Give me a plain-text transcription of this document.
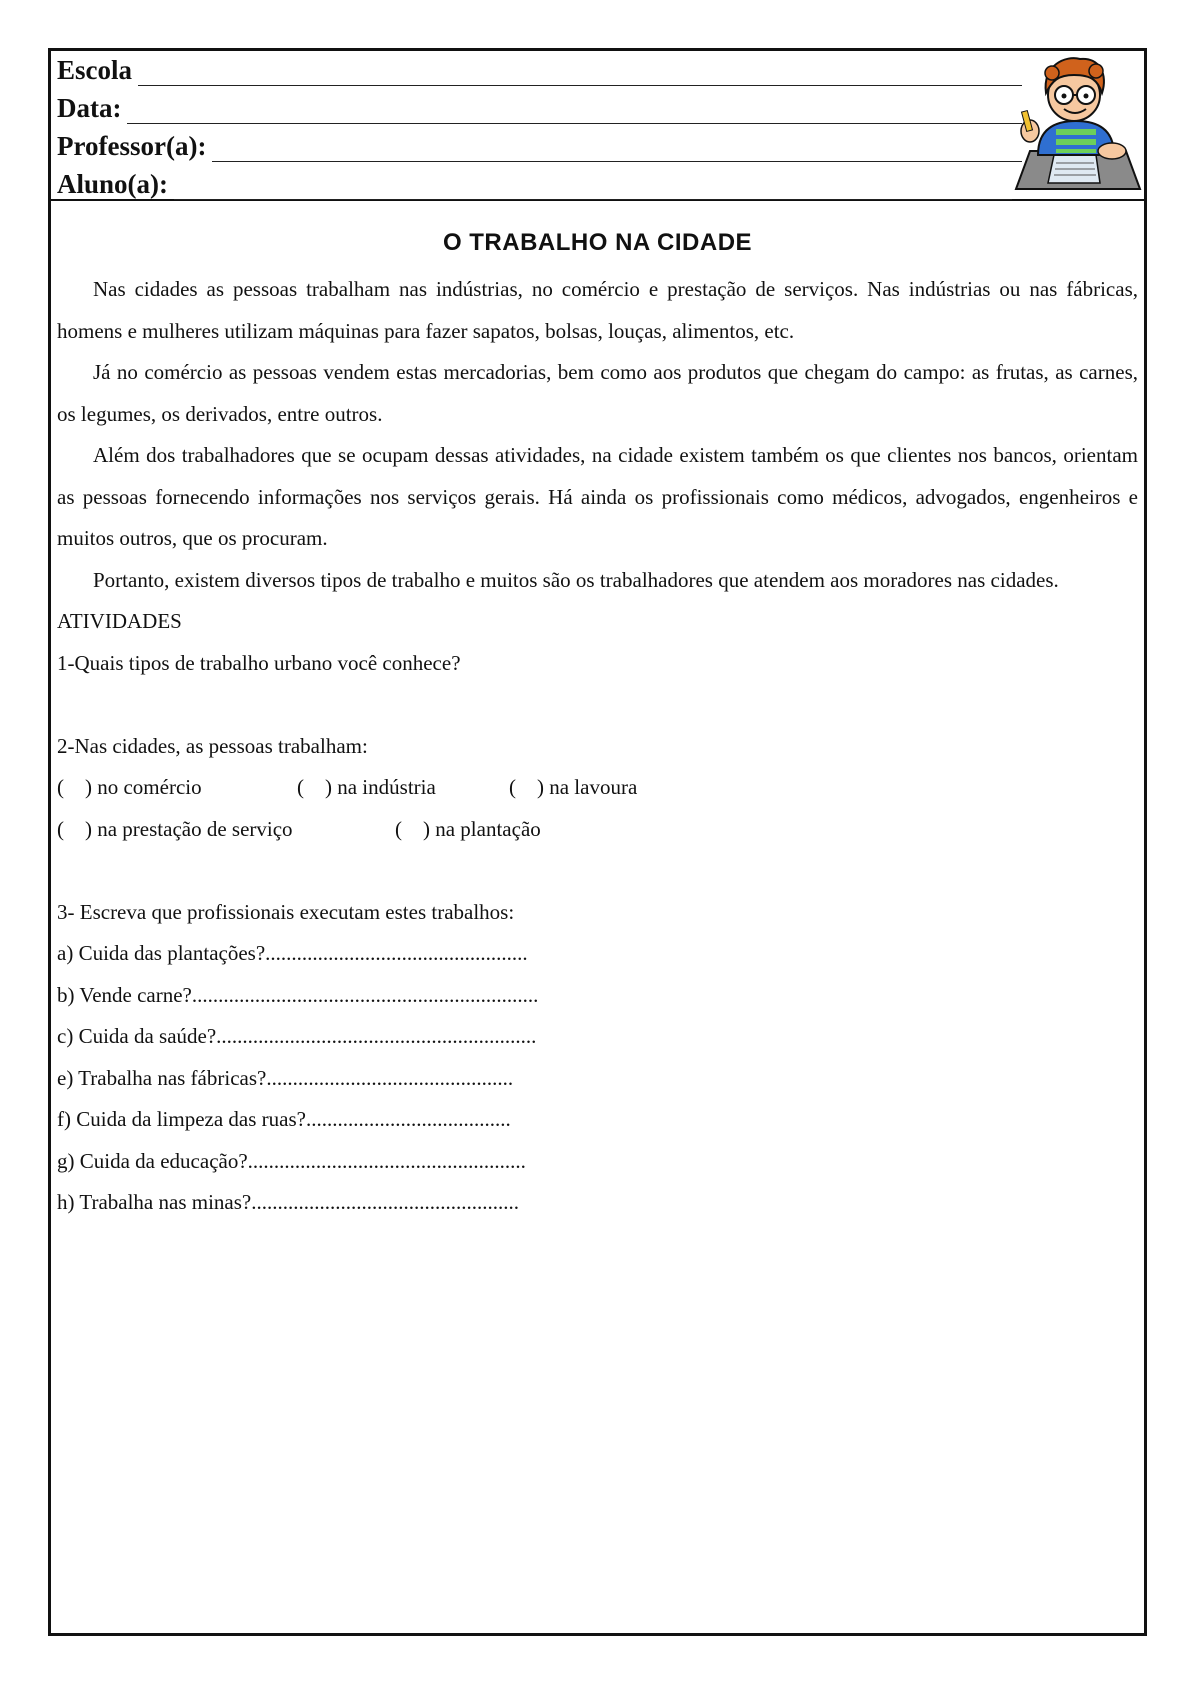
Escola
Data:
Professor(a):
Aluno(a):
O TRABALHO NA CIDADE

Nas cidades as pessoas trabalham nas indústrias, no comércio e prestação de serviços. Nas indústrias ou nas fábricas, homens e mulheres utilizam máquinas para fazer sapatos, bolsas, louças, alimentos, etc.

Já no comércio as pessoas vendem estas mercadorias, bem como aos produtos que chegam do campo: as frutas, as carnes, os legumes, os derivados, entre outros.

Além dos trabalhadores que se ocupam dessas atividades, na cidade existem também os que clientes nos bancos, orientam as pessoas fornecendo informações nos serviços gerais. Há ainda os profissionais como médicos, advogados, engenheiros e muitos outros, que os procuram.

Portanto, existem diversos tipos de trabalho e muitos são os trabalhadores que atendem aos moradores nas cidades.

ATIVIDADES

1-Quais tipos de trabalho urbano você conhece?

2-Nas cidades, as pessoas trabalham:

(    ) no comércio	(    ) na indústria	(    ) na lavoura
(    ) na prestação de serviço	(    ) na plantação

3- Escreva que profissionais executam estes trabalhos:

a) Cuida das plantações?..................................................

b) Vende carne?..................................................................

c) Cuida da saúde?.............................................................

e) Trabalha nas fábricas?...............................................

f) Cuida da limpeza das ruas?.......................................

g) Cuida da educação?.....................................................

h) Trabalha nas minas?...................................................
